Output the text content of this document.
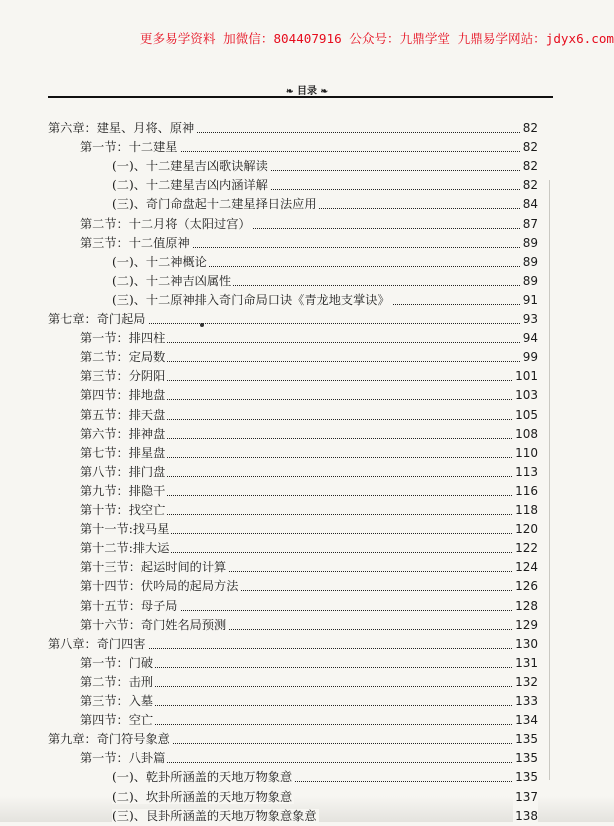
更多易学资料 加微信：804407916 公众号：九鼎学堂 九鼎易学网站：jdyx6.com
❧ 目录 ❧
第六章：建星、月将、原神	82
第一节：十二建星	82
(一)、十二建星吉凶歌诀解读	82
(二)、十二建星吉凶内涵详解	82
(三)、奇门命盘起十二建星择日法应用	84
第二节：十二月将（太阳过宫）	87
第三节：十二值原神	89
(一)、十二神概论	89
(二)、十二神吉凶属性	89
(三)、十二原神排入奇门命局口诀《青龙地支掌诀》	91
第七章：奇门起局	93
第一节：排四柱	94
第二节：定局数	99
第三节：分阴阳	101
第四节：排地盘	103
第五节：排天盘	105
第六节：排神盘	108
第七节：排星盘	110
第八节：排门盘	113
第九节：排隐干	116
第十节：找空亡	118
第十一节:找马星	120
第十二节:排大运	122
第十三节：起运时间的计算	124
第十四节：伏吟局的起局方法	126
第十五节：母子局	128
第十六节：奇门姓名局预测	129
第八章：奇门四害	130
第一节：门破	131
第二节：击刑	132
第三节：入墓	133
第四节：空亡	134
第九章：奇门符号象意	135
第一节：八卦篇	135
(一)、乾卦所涵盖的天地万物象意	135
(二)、坎卦所涵盖的天地万物象意	137
(三)、艮卦所涵盖的天地万物象意象意	138
